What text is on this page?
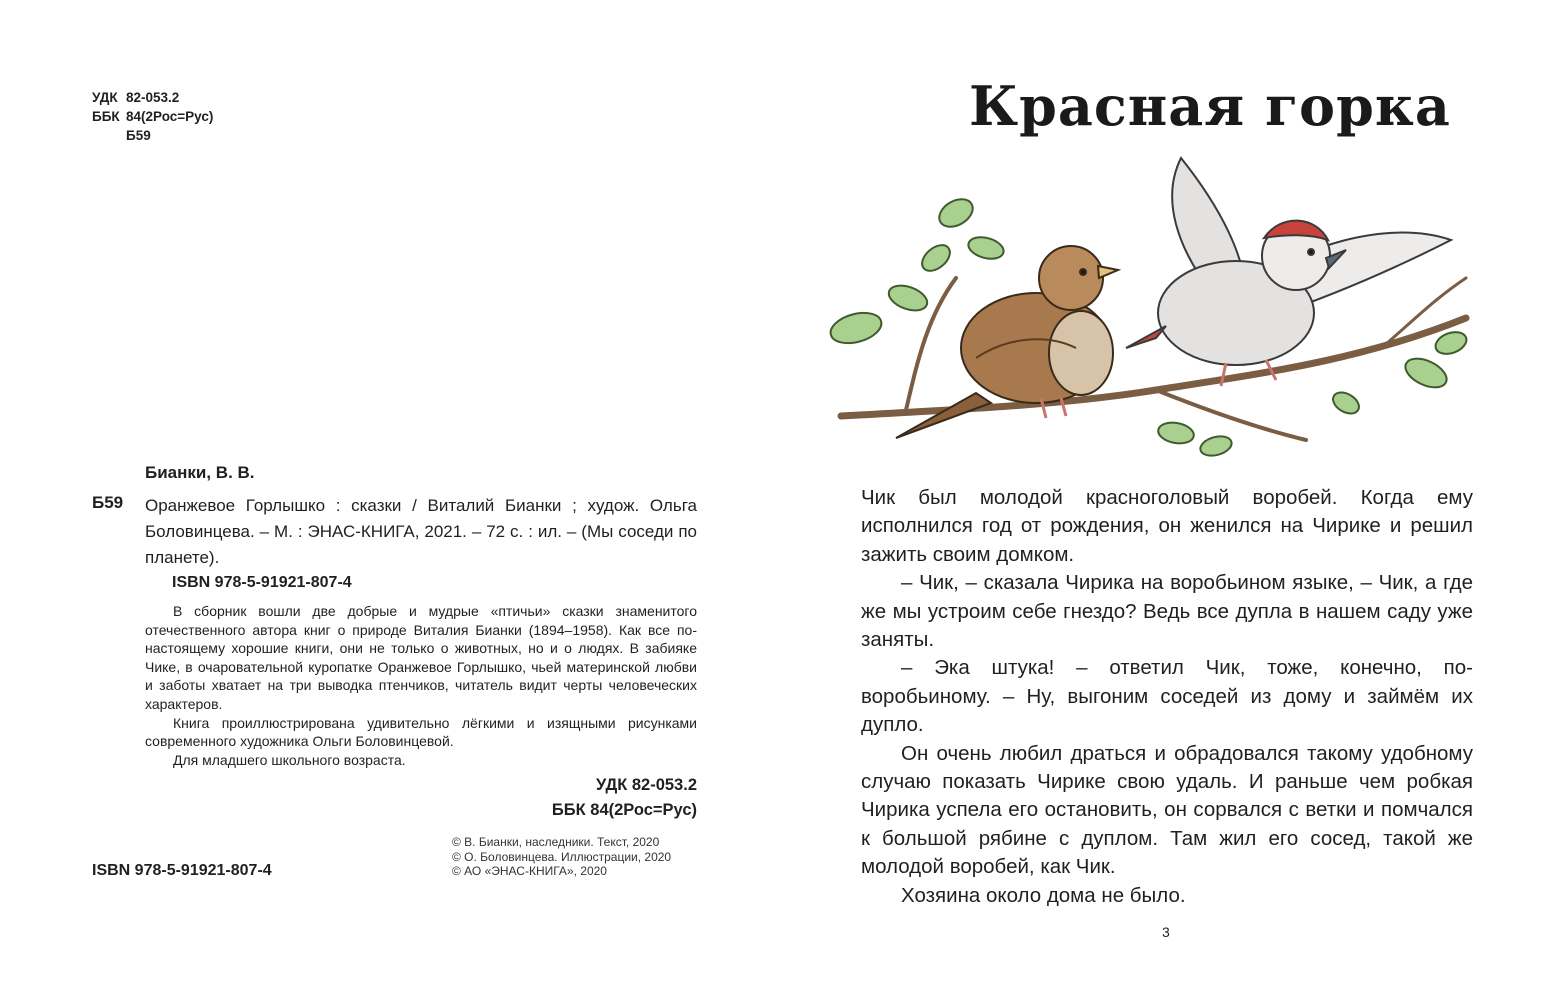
УДК 82-053.2
ББК 84(2Рос=Рус)
Б59
Бианки, В. В.
Б59 Оранжевое Горлышко : сказки / Виталий Бианки ; худож. Ольга Боловинцева. – М. : ЭНАС-КНИГА, 2021. – 72 с. : ил. – (Мы соседи по планете).
ISBN 978-5-91921-807-4

В сборник вошли две добрые и мудрые «птичьи» сказки знаменитого отечественного автора книг о природе Виталия Бианки (1894–1958). Как все по-настоящему хорошие книги, они не только о животных, но и о людях. В забияке Чике, в очаровательной куропатке Оранжевое Горлышко, чьей материнской любви и заботы хватает на три выводка птенчиков, читатель видит черты человеческих характеров.

Книга проиллюстрирована удивительно лёгкими и изящными рисунками современного художника Ольги Боловинцевой.

Для младшего школьного возраста.

УДК 82-053.2
ББК 84(2Рос=Рус)
© В. Бианки, наследники. Текст, 2020
© О. Боловинцева. Иллюстрации, 2020
© АО «ЭНАС-КНИГА», 2020
ISBN 978-5-91921-807-4
Красная горка

Чик был молодой красноголовый воробей. Когда ему исполнился год от рождения, он женился на Чирике и решил зажить своим домком.

– Чик, – сказала Чирика на воробьином языке, – Чик, а где же мы устроим себе гнездо? Ведь все дупла в нашем саду уже заняты.

– Эка штука! – ответил Чик, тоже, конечно, по-воробьиному. – Ну, выгоним соседей из дому и займём их дупло.

Он очень любил драться и обрадовался такому удобному случаю показать Чирике свою удаль. И раньше чем робкая Чирика успела его остановить, он сорвался с ветки и помчался к большой рябине с дуплом. Там жил его сосед, такой же молодой воробей, как Чик.

Хозяина около дома не было.

3
